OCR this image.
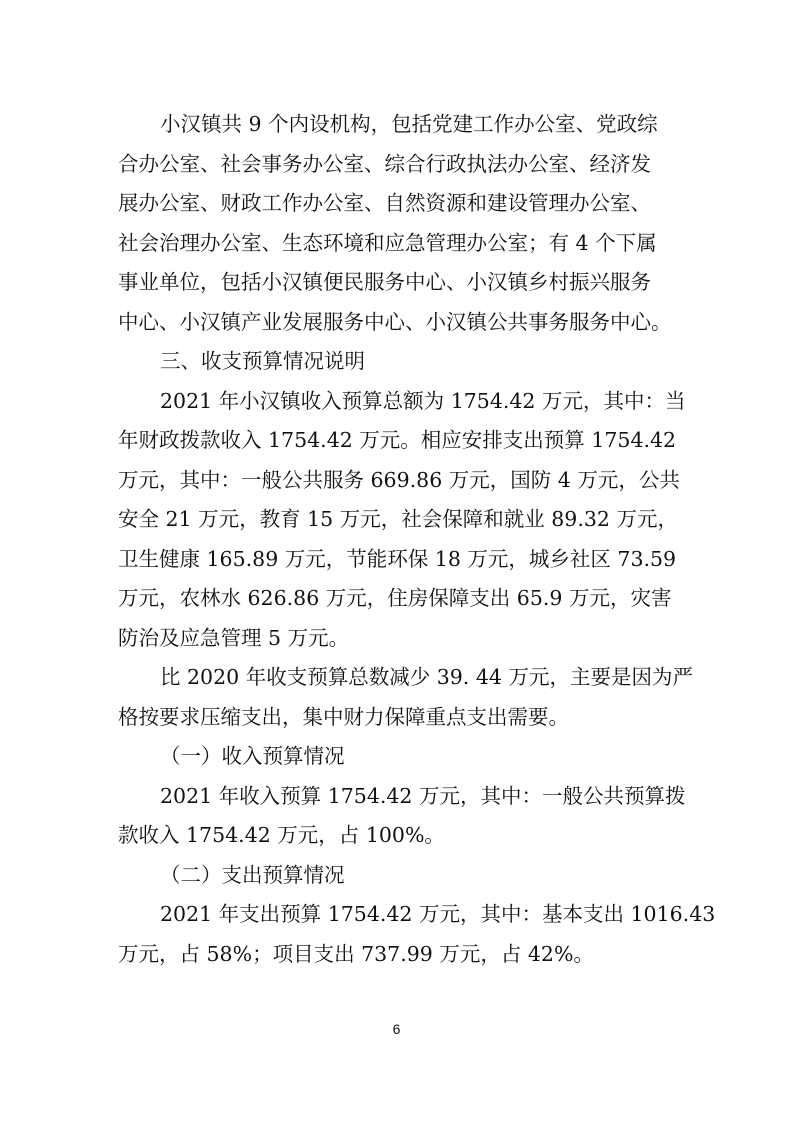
小汉镇共 9 个内设机构，包括党建工作办公室、党政综
合办公室、社会事务办公室、综合行政执法办公室、经济发
展办公室、财政工作办公室、自然资源和建设管理办公室、
社会治理办公室、生态环境和应急管理办公室；有 4 个下属
事业单位，包括小汉镇便民服务中心、小汉镇乡村振兴服务
中心、小汉镇产业发展服务中心、小汉镇公共事务服务中心。
三、收支预算情况说明
2021 年小汉镇收入预算总额为 1754.42 万元，其中：当
年财政拨款收入 1754.42 万元。相应安排支出预算 1754.42
万元，其中：一般公共服务 669.86 万元，国防 4 万元，公共
安全 21 万元，教育 15 万元，社会保障和就业 89.32 万元，
卫生健康 165.89 万元，节能环保 18 万元，城乡社区 73.59
万元，农林水 626.86 万元，住房保障支出 65.9 万元，灾害
防治及应急管理 5 万元。
比 2020 年收支预算总数减少 39. 44 万元，主要是因为严
格按要求压缩支出，集中财力保障重点支出需要。
（一）收入预算情况
2021 年收入预算 1754.42 万元，其中：一般公共预算拨
款收入 1754.42 万元，占 100%。
（二）支出预算情况
2021 年支出预算 1754.42 万元，其中：基本支出 1016.43
万元，占 58%；项目支出 737.99 万元，占 42%。
6
